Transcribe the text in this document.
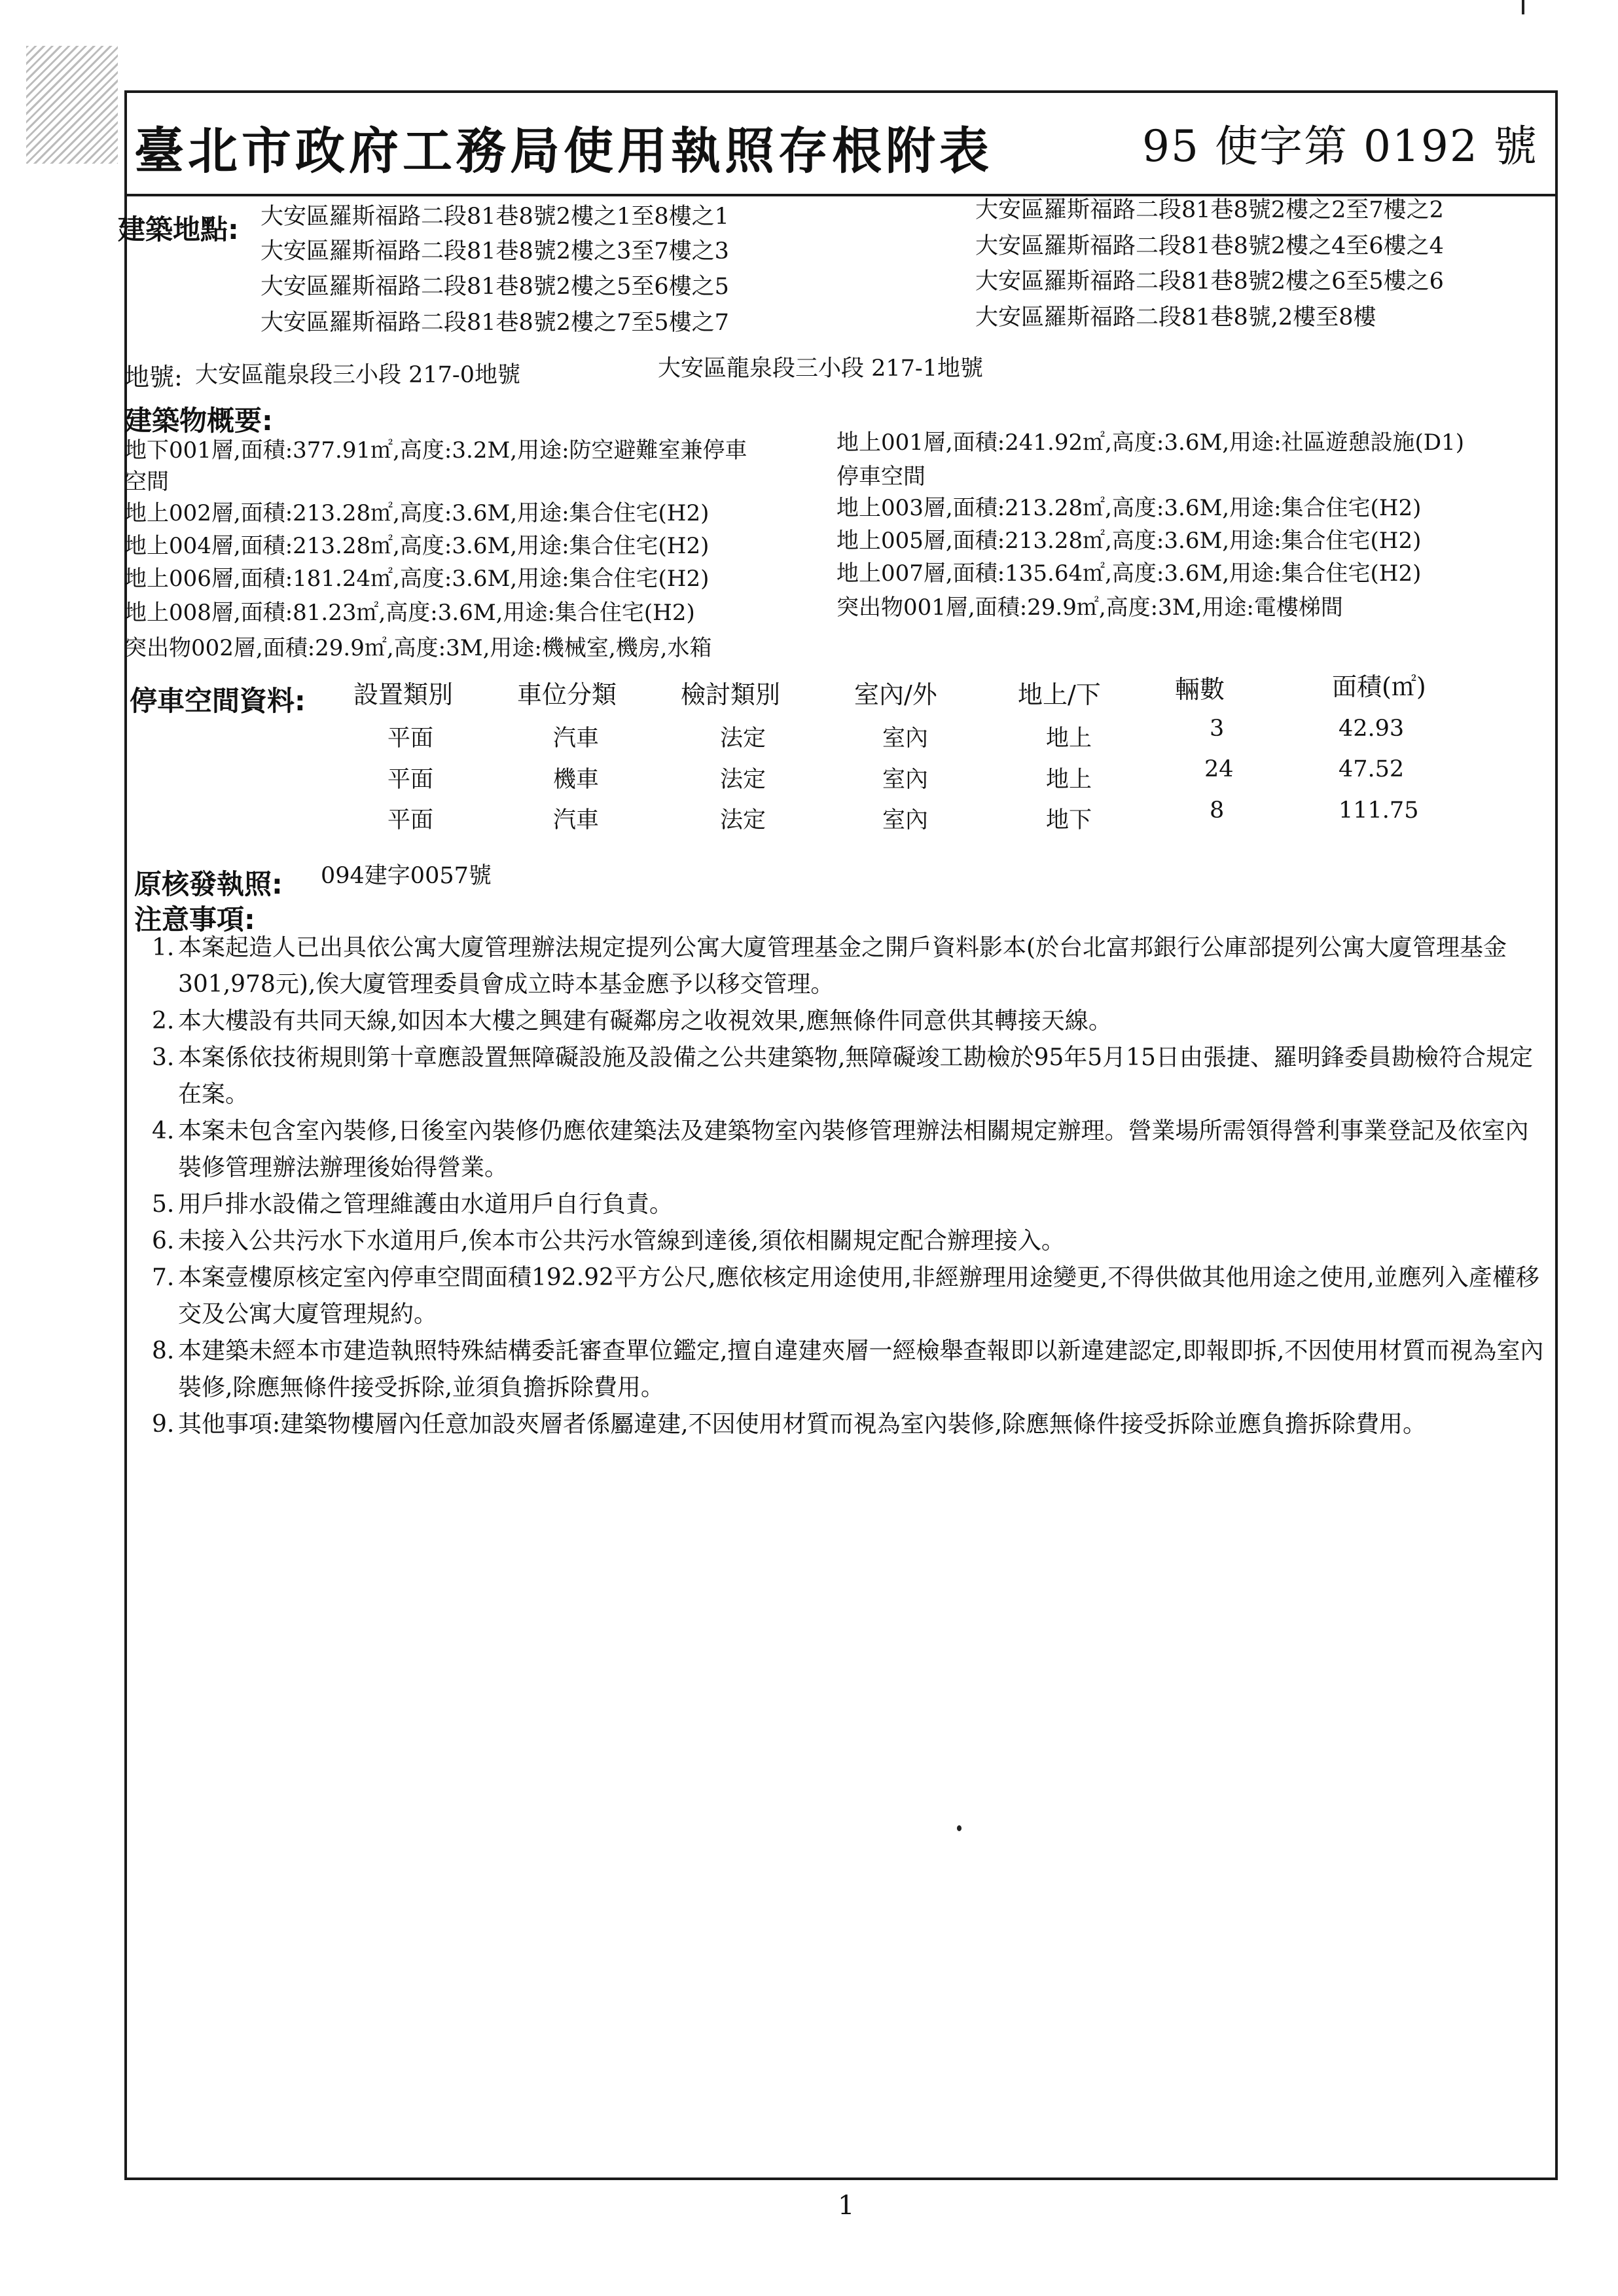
臺北市政府工務局使用執照存根附表	95 使字第 0192 號
建築地點: 大安區羅斯福路二段81巷8號2樓之1至8樓之1
大安區羅斯福路二段81巷8號2樓之3至7樓之3
大安區羅斯福路二段81巷8號2樓之5至6樓之5
大安區羅斯福路二段81巷8號2樓之7至5樓之7
大安區羅斯福路二段81巷8號2樓之2至7樓之2
大安區羅斯福路二段81巷8號2樓之4至6樓之4
大安區羅斯福路二段81巷8號2樓之6至5樓之6
大安區羅斯福路二段81巷8號,2樓至8樓
地號: 大安區龍泉段三小段 217-0地號	大安區龍泉段三小段 217-1地號
建築物概要:
地下001層,面積:377.91㎡,高度:3.2M,用途:防空避難室兼停車
空間
地上002層,面積:213.28㎡,高度:3.6M,用途:集合住宅(H2)
地上004層,面積:213.28㎡,高度:3.6M,用途:集合住宅(H2)
地上006層,面積:181.24㎡,高度:3.6M,用途:集合住宅(H2)
地上008層,面積:81.23㎡,高度:3.6M,用途:集合住宅(H2)
突出物002層,面積:29.9㎡,高度:3M,用途:機械室,機房,水箱
地上001層,面積:241.92㎡,高度:3.6M,用途:社區遊憩設施(D1)
停車空間
地上003層,面積:213.28㎡,高度:3.6M,用途:集合住宅(H2)
地上005層,面積:213.28㎡,高度:3.6M,用途:集合住宅(H2)
地上007層,面積:135.64㎡,高度:3.6M,用途:集合住宅(H2)
突出物001層,面積:29.9㎡,高度:3M,用途:電樓梯間
停車空間資料: 設置類別	車位分類	檢討類別	室內/外	地上/下	輛數	面積(㎡)
平面	汽車	法定	室內	地上	3	42.93
平面	機車	法定	室內	地上	24	47.52
平面	汽車	法定	室內	地下	8	111.75
原核發執照: 094建字0057號
注意事項:
1. 本案起造人已出具依公寓大廈管理辦法規定提列公寓大廈管理基金之開戶資料影本(於台北富邦銀行公庫部提列公寓大廈管理基金301,978元),俟大廈管理委員會成立時本基金應予以移交管理。
2. 本大樓設有共同天線,如因本大樓之興建有礙鄰房之收視效果,應無條件同意供其轉接天線。
3. 本案係依技術規則第十章應設置無障礙設施及設備之公共建築物,無障礙竣工勘檢於95年5月15日由張捷、羅明鋒委員勘檢符合規定在案。
4. 本案未包含室內裝修,日後室內裝修仍應依建築法及建築物室內裝修管理辦法相關規定辦理。營業場所需領得營利事業登記及依室內裝修管理辦法辦理後始得營業。
5. 用戶排水設備之管理維護由水道用戶自行負責。
6. 未接入公共污水下水道用戶,俟本市公共污水管線到達後,須依相關規定配合辦理接入。
7. 本案壹樓原核定室內停車空間面積192.92平方公尺,應依核定用途使用,非經辦理用途變更,不得供做其他用途之使用,並應列入產權移交及公寓大廈管理規約。
8. 本建築未經本市建造執照特殊結構委託審查單位鑑定,擅自違建夾層一經檢舉查報即以新違建認定,即報即拆,不因使用材質而視為室內裝修,除應無條件接受拆除,並須負擔拆除費用。
9. 其他事項:建築物樓層內任意加設夾層者係屬違建,不因使用材質而視為室內裝修,除應無條件接受拆除並應負擔拆除費用。
1
